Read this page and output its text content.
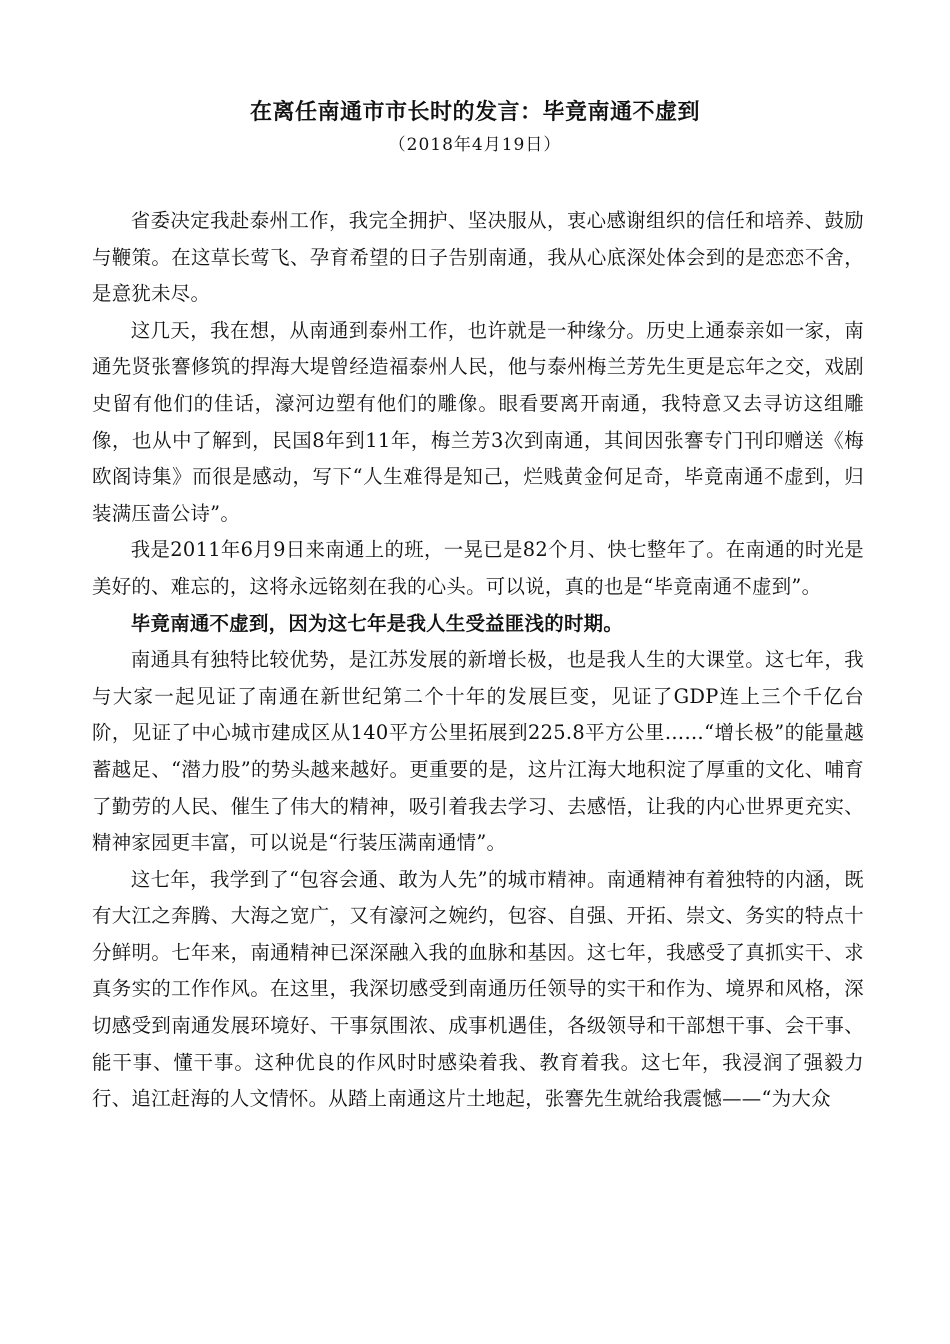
在离任南通市市长时的发言：毕竟南通不虚到
（2018年4月19日）

省委决定我赴泰州工作，我完全拥护、坚决服从，衷心感谢组织的信任和培养、鼓励与鞭策。在这草长莺飞、孕育希望的日子告别南通，我从心底深处体会到的是恋恋不舍，是意犹未尽。

这几天，我在想，从南通到泰州工作，也许就是一种缘分。历史上通泰亲如一家，南通先贤张謇修筑的捍海大堤曾经造福泰州人民，他与泰州梅兰芳先生更是忘年之交，戏剧史留有他们的佳话，濠河边塑有他们的雕像。眼看要离开南通，我特意又去寻访这组雕像，也从中了解到，民国8年到11年，梅兰芳3次到南通，其间因张謇专门刊印赠送《梅欧阁诗集》而很是感动，写下“人生难得是知己，烂贱黄金何足奇，毕竟南通不虚到，归装满压啬公诗”。

我是2011年6月9日来南通上的班，一晃已是82个月、快七整年了。在南通的时光是美好的、难忘的，这将永远铭刻在我的心头。可以说，真的也是“毕竟南通不虚到”。

毕竟南通不虚到，因为这七年是我人生受益匪浅的时期。

南通具有独特比较优势，是江苏发展的新增长极，也是我人生的大课堂。这七年，我与大家一起见证了南通在新世纪第二个十年的发展巨变，见证了GDP连上三个千亿台阶，见证了中心城市建成区从140平方公里拓展到225.8平方公里……“增长极”的能量越蓄越足、“潜力股”的势头越来越好。更重要的是，这片江海大地积淀了厚重的文化、哺育了勤劳的人民、催生了伟大的精神，吸引着我去学习、去感悟，让我的内心世界更充实、精神家园更丰富，可以说是“行装压满南通情”。

这七年，我学到了“包容会通、敢为人先”的城市精神。南通精神有着独特的内涵，既有大江之奔腾、大海之宽广，又有濠河之婉约，包容、自强、开拓、崇文、务实的特点十分鲜明。七年来，南通精神已深深融入我的血脉和基因。这七年，我感受了真抓实干、求真务实的工作作风。在这里，我深切感受到南通历任领导的实干和作为、境界和风格，深切感受到南通发展环境好、干事氛围浓、成事机遇佳，各级领导和干部想干事、会干事、能干事、懂干事。这种优良的作风时时感染着我、教育着我。这七年，我浸润了强毅力行、追江赶海的人文情怀。从踏上南通这片土地起，张謇先生就给我震憾——“为大众
